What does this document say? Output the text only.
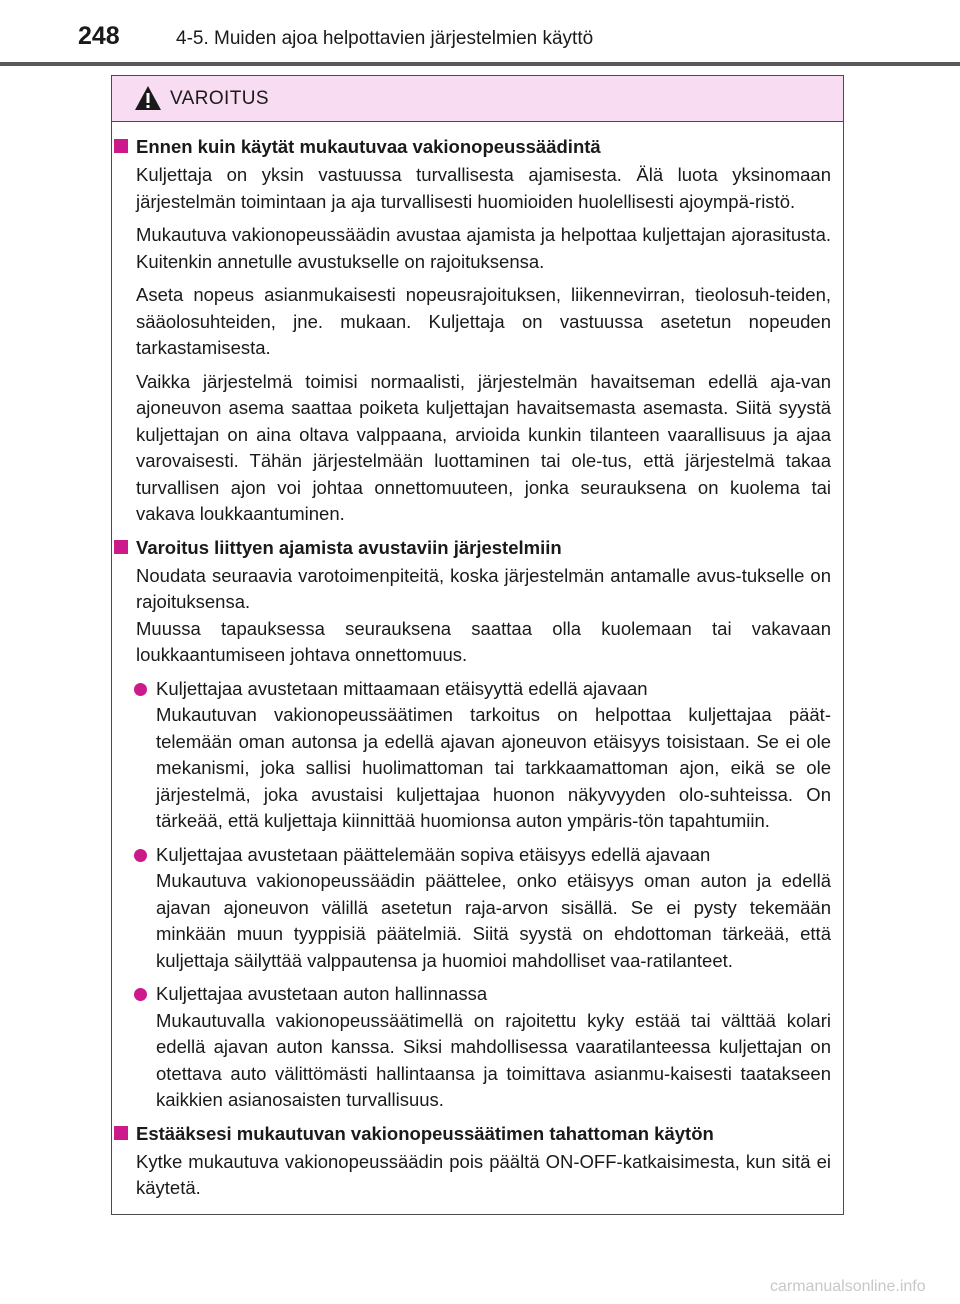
248	4-5. Muiden ajoa helpottavien järjestelmien käyttö
VAROITUS
Ennen kuin käytät mukautuvaa vakionopeussäädintä
Kuljettaja on yksin vastuussa turvallisesta ajamisesta. Älä luota yksinomaan järjestelmän toimintaan ja aja turvallisesti huomioiden huolellisesti ajoympä-ristö.
Mukautuva vakionopeussäädin avustaa ajamista ja helpottaa kuljettajan ajorasitusta. Kuitenkin annetulle avustukselle on rajoituksensa.
Aseta nopeus asianmukaisesti nopeusrajoituksen, liikennevirran, tieolosuh-teiden, sääolosuhteiden, jne. mukaan. Kuljettaja on vastuussa asetetun nopeuden tarkastamisesta.
Vaikka järjestelmä toimisi normaalisti, järjestelmän havaitseman edellä aja-van ajoneuvon asema saattaa poiketa kuljettajan havaitsemasta asemasta. Siitä syystä kuljettajan on aina oltava valppaana, arvioida kunkin tilanteen vaarallisuus ja ajaa varovaisesti. Tähän järjestelmään luottaminen tai ole-tus, että järjestelmä takaa turvallisen ajon voi johtaa onnettomuuteen, jonka seurauksena on kuolema tai vakava loukkaantuminen.
Varoitus liittyen ajamista avustaviin järjestelmiin
Noudata seuraavia varotoimenpiteitä, koska järjestelmän antamalle avus-tukselle on rajoituksensa.
Muussa tapauksessa seurauksena saattaa olla kuolemaan tai vakavaan loukkaantumiseen johtava onnettomuus.
Kuljettajaa avustetaan mittaamaan etäisyyttä edellä ajavaan
Mukautuvan vakionopeussäätimen tarkoitus on helpottaa kuljettajaa päät-telemään oman autonsa ja edellä ajavan ajoneuvon etäisyys toisistaan. Se ei ole mekanismi, joka sallisi huolimattoman tai tarkkaamattoman ajon, eikä se ole järjestelmä, joka avustaisi kuljettajaa huonon näkyvyyden olo-suhteissa. On tärkeää, että kuljettaja kiinnittää huomionsa auton ympäris-tön tapahtumiin.
Kuljettajaa avustetaan päättelemään sopiva etäisyys edellä ajavaan
Mukautuva vakionopeussäädin päättelee, onko etäisyys oman auton ja edellä ajavan ajoneuvon välillä asetetun raja-arvon sisällä. Se ei pysty tekemään minkään muun tyyppisiä päätelmiä. Siitä syystä on ehdottoman tärkeää, että kuljettaja säilyttää valppautensa ja huomioi mahdolliset vaa-ratilanteet.
Kuljettajaa avustetaan auton hallinnassa
Mukautuvalla vakionopeussäätimellä on rajoitettu kyky estää tai välttää kolari edellä ajavan auton kanssa. Siksi mahdollisessa vaaratilanteessa kuljettajan on otettava auto välittömästi hallintaansa ja toimittava asianmu-kaisesti taatakseen kaikkien asianosaisten turvallisuus.
Estääksesi mukautuvan vakionopeussäätimen tahattoman käytön
Kytke mukautuva vakionopeussäädin pois päältä ON-OFF-katkaisimesta, kun sitä ei käytetä.
carmanualsonline.info
